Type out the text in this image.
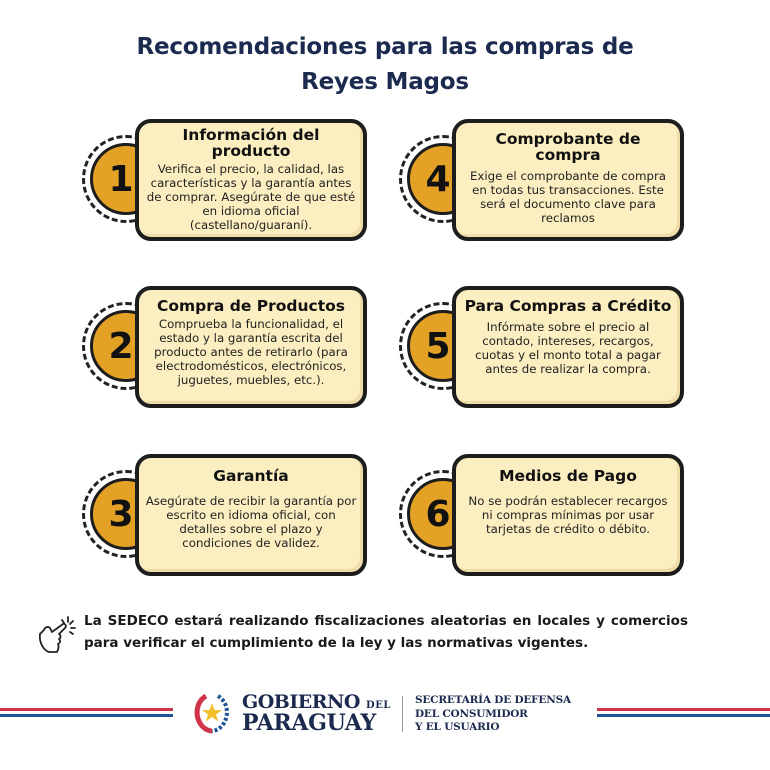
Recomendaciones para las compras de
Reyes Magos
1
Información del producto
Verifica el precio, la calidad, las características y la garantía antes de comprar. Asegúrate de que esté en idioma oficial (castellano/guaraní).
2
Compra de Productos
Comprueba la funcionalidad, el estado y la garantía escrita del producto antes de retirarlo (para electrodomésticos, electrónicos, juguetes, muebles, etc.).
3
Garantía
Asegúrate de recibir la garantía por escrito en idioma oficial, con detalles sobre el plazo y condiciones de validez.
4
Comprobante de compra
Exige el comprobante de compra en todas tus transacciones. Este será el documento clave para reclamos
5
Para Compras a Crédito
Infórmate sobre el precio al contado, intereses, recargos, cuotas y el monto total a pagar antes de realizar la compra.
6
Medios de Pago
No se podrán establecer recargos ni compras mínimas por usar tarjetas de crédito o débito.
La SEDECO estará realizando fiscalizaciones aleatorias en locales y comercios para verificar el cumplimiento de la ley y las normativas vigentes.
GOBIERNO DEL
PARAGUAY
SECRETARÍA DE DEFENSA
DEL CONSUMIDOR
Y EL USUARIO
